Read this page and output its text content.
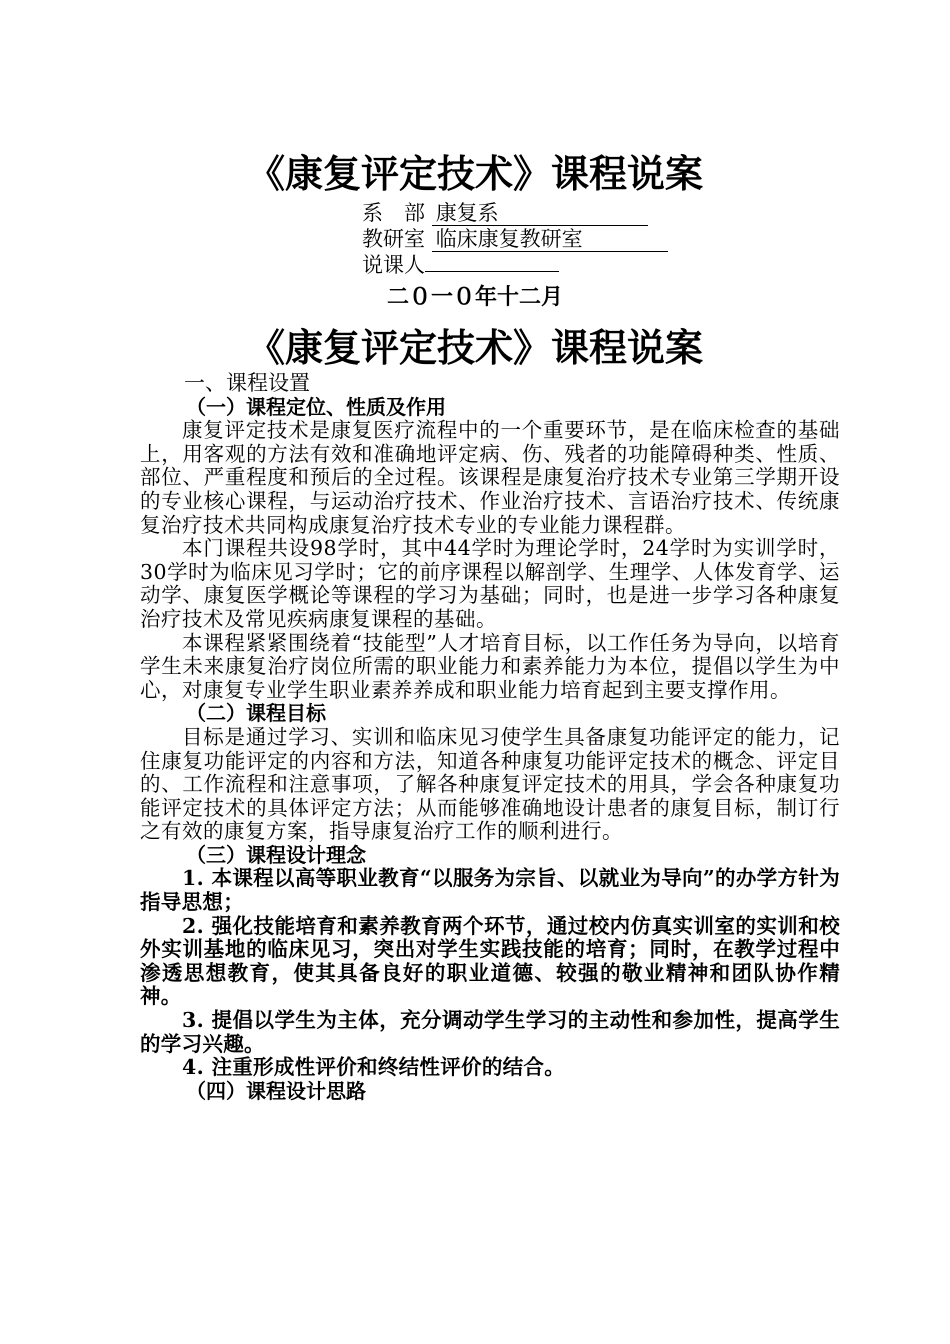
《康复评定技术》课程说案
系　部 康复系
教研室 临床康复教研室
说课人
二０一０年十二月
《康复评定技术》课程说案

一、课程设置

（一）课程定位、性质及作用

康复评定技术是康复医疗流程中的一个重要环节，是在临床检查的基础上，用客观的方法有效和准确地评定病、伤、残者的功能障碍种类、性质、部位、严重程度和预后的全过程。该课程是康复治疗技术专业第三学期开设的专业核心课程，与运动治疗技术、作业治疗技术、言语治疗技术、传统康复治疗技术共同构成康复治疗技术专业的专业能力课程群。

本门课程共设98学时，其中44学时为理论学时，24学时为实训学时，30学时为临床见习学时；它的前序课程以解剖学、生理学、人体发育学、运动学、康复医学概论等课程的学习为基础；同时，也是进一步学习各种康复治疗技术及常见疾病康复课程的基础。

本课程紧紧围绕着“技能型”人才培育目标，以工作任务为导向，以培育学生未来康复治疗岗位所需的职业能力和素养能力为本位，提倡以学生为中心，对康复专业学生职业素养养成和职业能力培育起到主要支撑作用。

（二）课程目标

目标是通过学习、实训和临床见习使学生具备康复功能评定的能力，记住康复功能评定的内容和方法，知道各种康复功能评定技术的概念、评定目的、工作流程和注意事项，了解各种康复评定技术的用具，学会各种康复功能评定技术的具体评定方法；从而能够准确地设计患者的康复目标，制订行之有效的康复方案，指导康复治疗工作的顺利进行。

（三）课程设计理念

1. 本课程以高等职业教育“以服务为宗旨、以就业为导向”的办学方针为指导思想；

2. 强化技能培育和素养教育两个环节，通过校内仿真实训室的实训和校外实训基地的临床见习，突出对学生实践技能的培育；同时，在教学过程中渗透思想教育，使其具备良好的职业道德、较强的敬业精神和团队协作精神。

3. 提倡以学生为主体，充分调动学生学习的主动性和参加性，提高学生的学习兴趣。

4. 注重形成性评价和终结性评价的结合。

（四）课程设计思路
